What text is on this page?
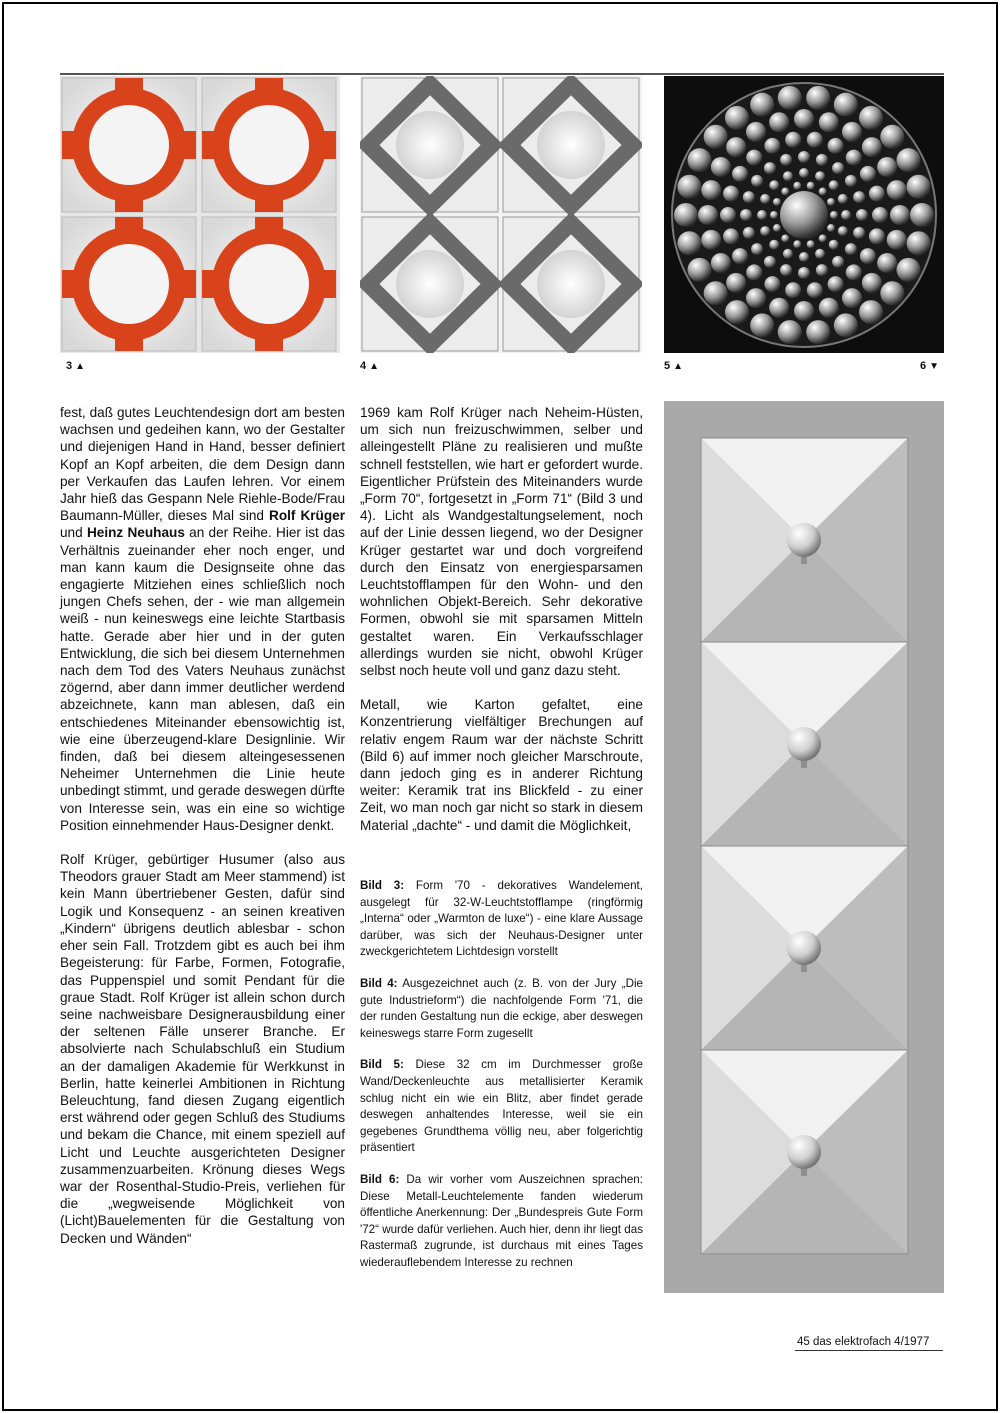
3 ▲	4 ▲	5 ▲	6 ▼

fest, daß gutes Leuchtendesign dort am besten wachsen und gedeihen kann, wo der Gestalter und diejenigen Hand in Hand, besser definiert Kopf an Kopf arbeiten, die dem Design dann per Verkaufen das Laufen lehren. Vor einem Jahr hieß das Gespann Nele Riehle-Bode/Frau Baumann-Müller, dieses Mal sind Rolf Krüger und Heinz Neuhaus an der Reihe. Hier ist das Verhältnis zueinander eher noch enger, und man kann kaum die Designseite ohne das engagierte Mitziehen eines schließlich noch jungen Chefs sehen, der - wie man allgemein weiß - nun keineswegs eine leichte Startbasis hatte. Gerade aber hier und in der guten Entwicklung, die sich bei diesem Unternehmen nach dem Tod des Vaters Neuhaus zunächst zögernd, aber dann immer deutlicher werdend abzeichnete, kann man ablesen, daß ein entschiedenes Miteinander ebensowichtig ist, wie eine überzeugend-klare Designlinie. Wir finden, daß bei diesem alteingesessenen Neheimer Unternehmen die Linie heute unbedingt stimmt, und gerade deswegen dürfte von Interesse sein, was ein eine so wichtige Position einnehmender Haus-Designer denkt.

Rolf Krüger, gebürtiger Husumer (also aus Theodors grauer Stadt am Meer stammend) ist kein Mann übertriebener Gesten, dafür sind Logik und Konsequenz - an seinen kreativen „Kindern“ übrigens deutlich ablesbar - schon eher sein Fall. Trotzdem gibt es auch bei ihm Begeisterung: für Farbe, Formen, Fotografie, das Puppenspiel und somit Pendant für die graue Stadt. Rolf Krüger ist allein schon durch seine nachweisbare Designerausbildung einer der seltenen Fälle unserer Branche. Er absolvierte nach Schulabschluß ein Studium an der damaligen Akademie für Werkkunst in Berlin, hatte keinerlei Ambitionen in Richtung Beleuchtung, fand diesen Zugang eigentlich erst während oder gegen Schluß des Studiums und bekam die Chance, mit einem speziell auf Licht und Leuchte ausgerichteten Designer zusammenzuarbeiten. Krönung dieses Wegs war der Rosenthal-Studio-Preis, verliehen für die „wegweisende Möglichkeit von (Licht)Bauelementen für die Gestaltung von Decken und Wänden“

1969 kam Rolf Krüger nach Neheim-Hüsten, um sich nun freizuschwimmen, selber und alleingestellt Pläne zu realisieren und mußte schnell feststellen, wie hart er gefordert wurde. Eigentlicher Prüfstein des Miteinanders wurde „Form 70“, fortgesetzt in „Form 71“ (Bild 3 und 4). Licht als Wandgestaltungselement, noch auf der Linie dessen liegend, wo der Designer Krüger gestartet war und doch vorgreifend durch den Einsatz von energiesparsamen Leuchtstofflampen für den Wohn- und den wohnlichen Objekt-Bereich. Sehr dekorative Formen, obwohl sie mit sparsamen Mitteln gestaltet waren. Ein Verkaufsschlager allerdings wurden sie nicht, obwohl Krüger selbst noch heute voll und ganz dazu steht.

Metall, wie Karton gefaltet, eine Konzentrierung vielfältiger Brechungen auf relativ engem Raum war der nächste Schritt (Bild 6) auf immer noch gleicher Marschroute, dann jedoch ging es in anderer Richtung weiter: Keramik trat ins Blickfeld - zu einer Zeit, wo man noch gar nicht so stark in diesem Material „dachte“ - und damit die Möglichkeit,

Bild 3: Form '70 - dekoratives Wandelement, ausgelegt für 32-W-Leuchtstofflampe (ringförmig „Interna“ oder „Warmton de luxe“) - eine klare Aussage darüber, was sich der Neuhaus-Designer unter zweckgerichtetem Lichtdesign vorstellt

Bild 4: Ausgezeichnet auch (z. B. von der Jury „Die gute Industrieform“) die nachfolgende Form '71, die der runden Gestaltung nun die eckige, aber deswegen keineswegs starre Form zugesellt

Bild 5: Diese 32 cm im Durchmesser große Wand/Deckenleuchte aus metallisierter Keramik schlug nicht ein wie ein Blitz, aber findet gerade deswegen anhaltendes Interesse, weil sie ein gegebenes Grundthema völlig neu, aber folgerichtig präsentiert

Bild 6: Da wir vorher vom Auszeichnen sprachen: Diese Metall-Leuchtelemente fanden wiederum öffentliche Anerkennung: Der „Bundespreis Gute Form '72“ wurde dafür verliehen. Auch hier, denn ihr liegt das Rastermaß zugrunde, ist durchaus mit eines Tages wiederauflebendem Interesse zu rechnen

45 das elektrofach 4/1977
